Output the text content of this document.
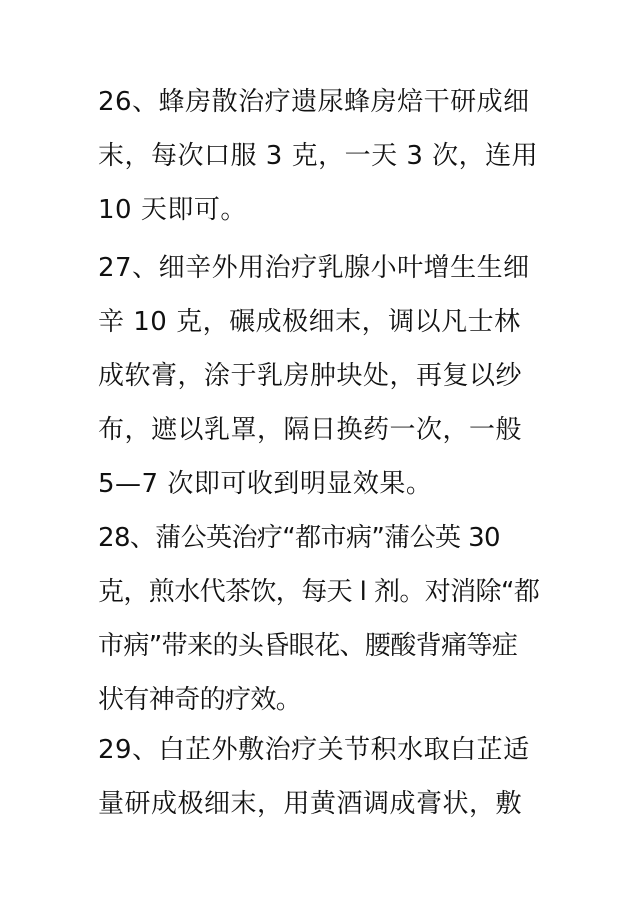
26、蜂房散治疗遗尿蜂房焙干研成细
末，每次口服 3 克，一天 3 次，连用
10 天即可。
27、细辛外用治疗乳腺小叶增生生细
辛 10 克，碾成极细末，调以凡士林
成软膏，涂于乳房肿块处，再复以纱
布，遮以乳罩，隔日换药一次，一般
5—7 次即可收到明显效果。
28、蒲公英治疗“都市病”蒲公英 30
克，煎水代茶饮，每天 l 剂。对消除“都
市病”带来的头昏眼花、腰酸背痛等症
状有神奇的疗效。
29、白芷外敷治疗关节积水取白芷适
量研成极细末，用黄酒调成膏状，敷
